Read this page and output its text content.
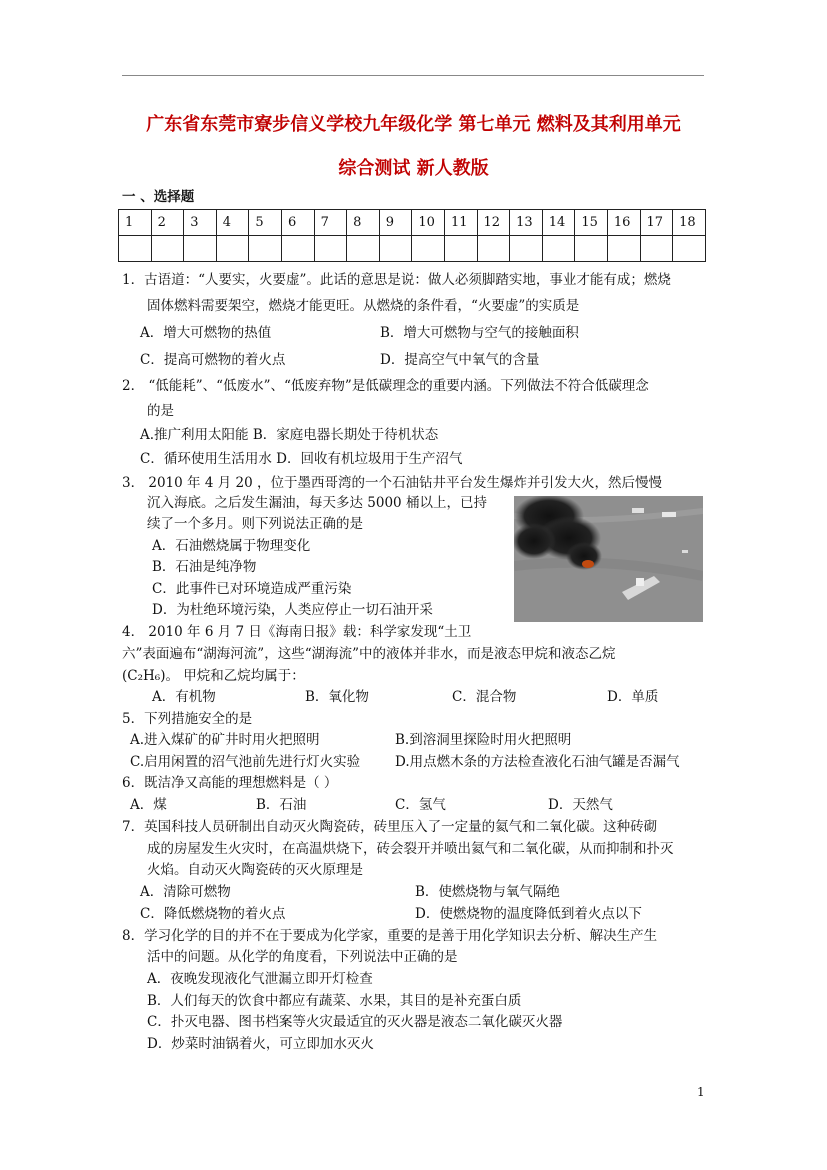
广东省东莞市寮步信义学校九年级化学 第七单元 燃料及其利用单元
综合测试 新人教版
一 、选择题
1	2	3	4	5	6	7	8	9	10	11	12	13	14	15	16	17	18

1．古语道：“人要实，火要虚”。此话的意思是说：做人必须脚踏实地，事业才能有成；燃烧
固体燃料需要架空，燃烧才能更旺。从燃烧的条件看，“火要虚”的实质是
A．增大可燃物的热值	B．增大可燃物与空气的接触面积
C．提高可燃物的着火点	D．提高空气中氧气的含量
2． “低能耗”、“低废水”、“低废弃物”是低碳理念的重要内涵。下列做法不符合低碳理念
的是
A.推广利用太阳能 B．家庭电器长期处于待机状态
C．循环使用生活用水 D．回收有机垃圾用于生产沼气
3． 2010 年 4 月 20 ，位于墨西哥湾的一个石油钻井平台发生爆炸并引发大火，然后慢慢
沉入海底。之后发生漏油，每天多达 5000 桶以上，已持
续了一个多月。则下列说法正确的是
A．石油燃烧属于物理变化
B．石油是纯净物
C．此事件已对环境造成严重污染
D．为杜绝环境污染，人类应停止一切石油开采
4． 2010 年 6 月 7 日《海南日报》载：科学家发现“土卫
六”表面遍布“湖海河流”，这些“湖海流”中的液体并非水，而是液态甲烷和液态乙烷
(C₂H₆)。 甲烷和乙烷均属于：
A．有机物	B．氧化物	C．混合物	D．单质
5．下列措施安全的是
A.进入煤矿的矿井时用火把照明	B.到溶洞里探险时用火把照明
C.启用闲置的沼气池前先进行灯火实验	D.用点燃木条的方法检查液化石油气罐是否漏气
6．既洁净又高能的理想燃料是（ ）
A．煤	B．石油	C．氢气	D．天然气
7．英国科技人员研制出自动灭火陶瓷砖，砖里压入了一定量的氦气和二氧化碳。这种砖砌
成的房屋发生火灾时，在高温烘烧下，砖会裂开并喷出氦气和二氧化碳，从而抑制和扑灭
火焰。自动灭火陶瓷砖的灭火原理是
A．清除可燃物	B．使燃烧物与氧气隔绝
C．降低燃烧物的着火点	D．使燃烧物的温度降低到着火点以下
8．学习化学的目的并不在于要成为化学家，重要的是善于用化学知识去分析、解决生产生
活中的问题。从化学的角度看，下列说法中正确的是
A．夜晚发现液化气泄漏立即开灯检查
B．人们每天的饮食中都应有蔬菜、水果，其目的是补充蛋白质
C．扑灭电器、图书档案等火灾最适宜的灭火器是液态二氧化碳灭火器
D．炒菜时油锅着火，可立即加水灭火
1
